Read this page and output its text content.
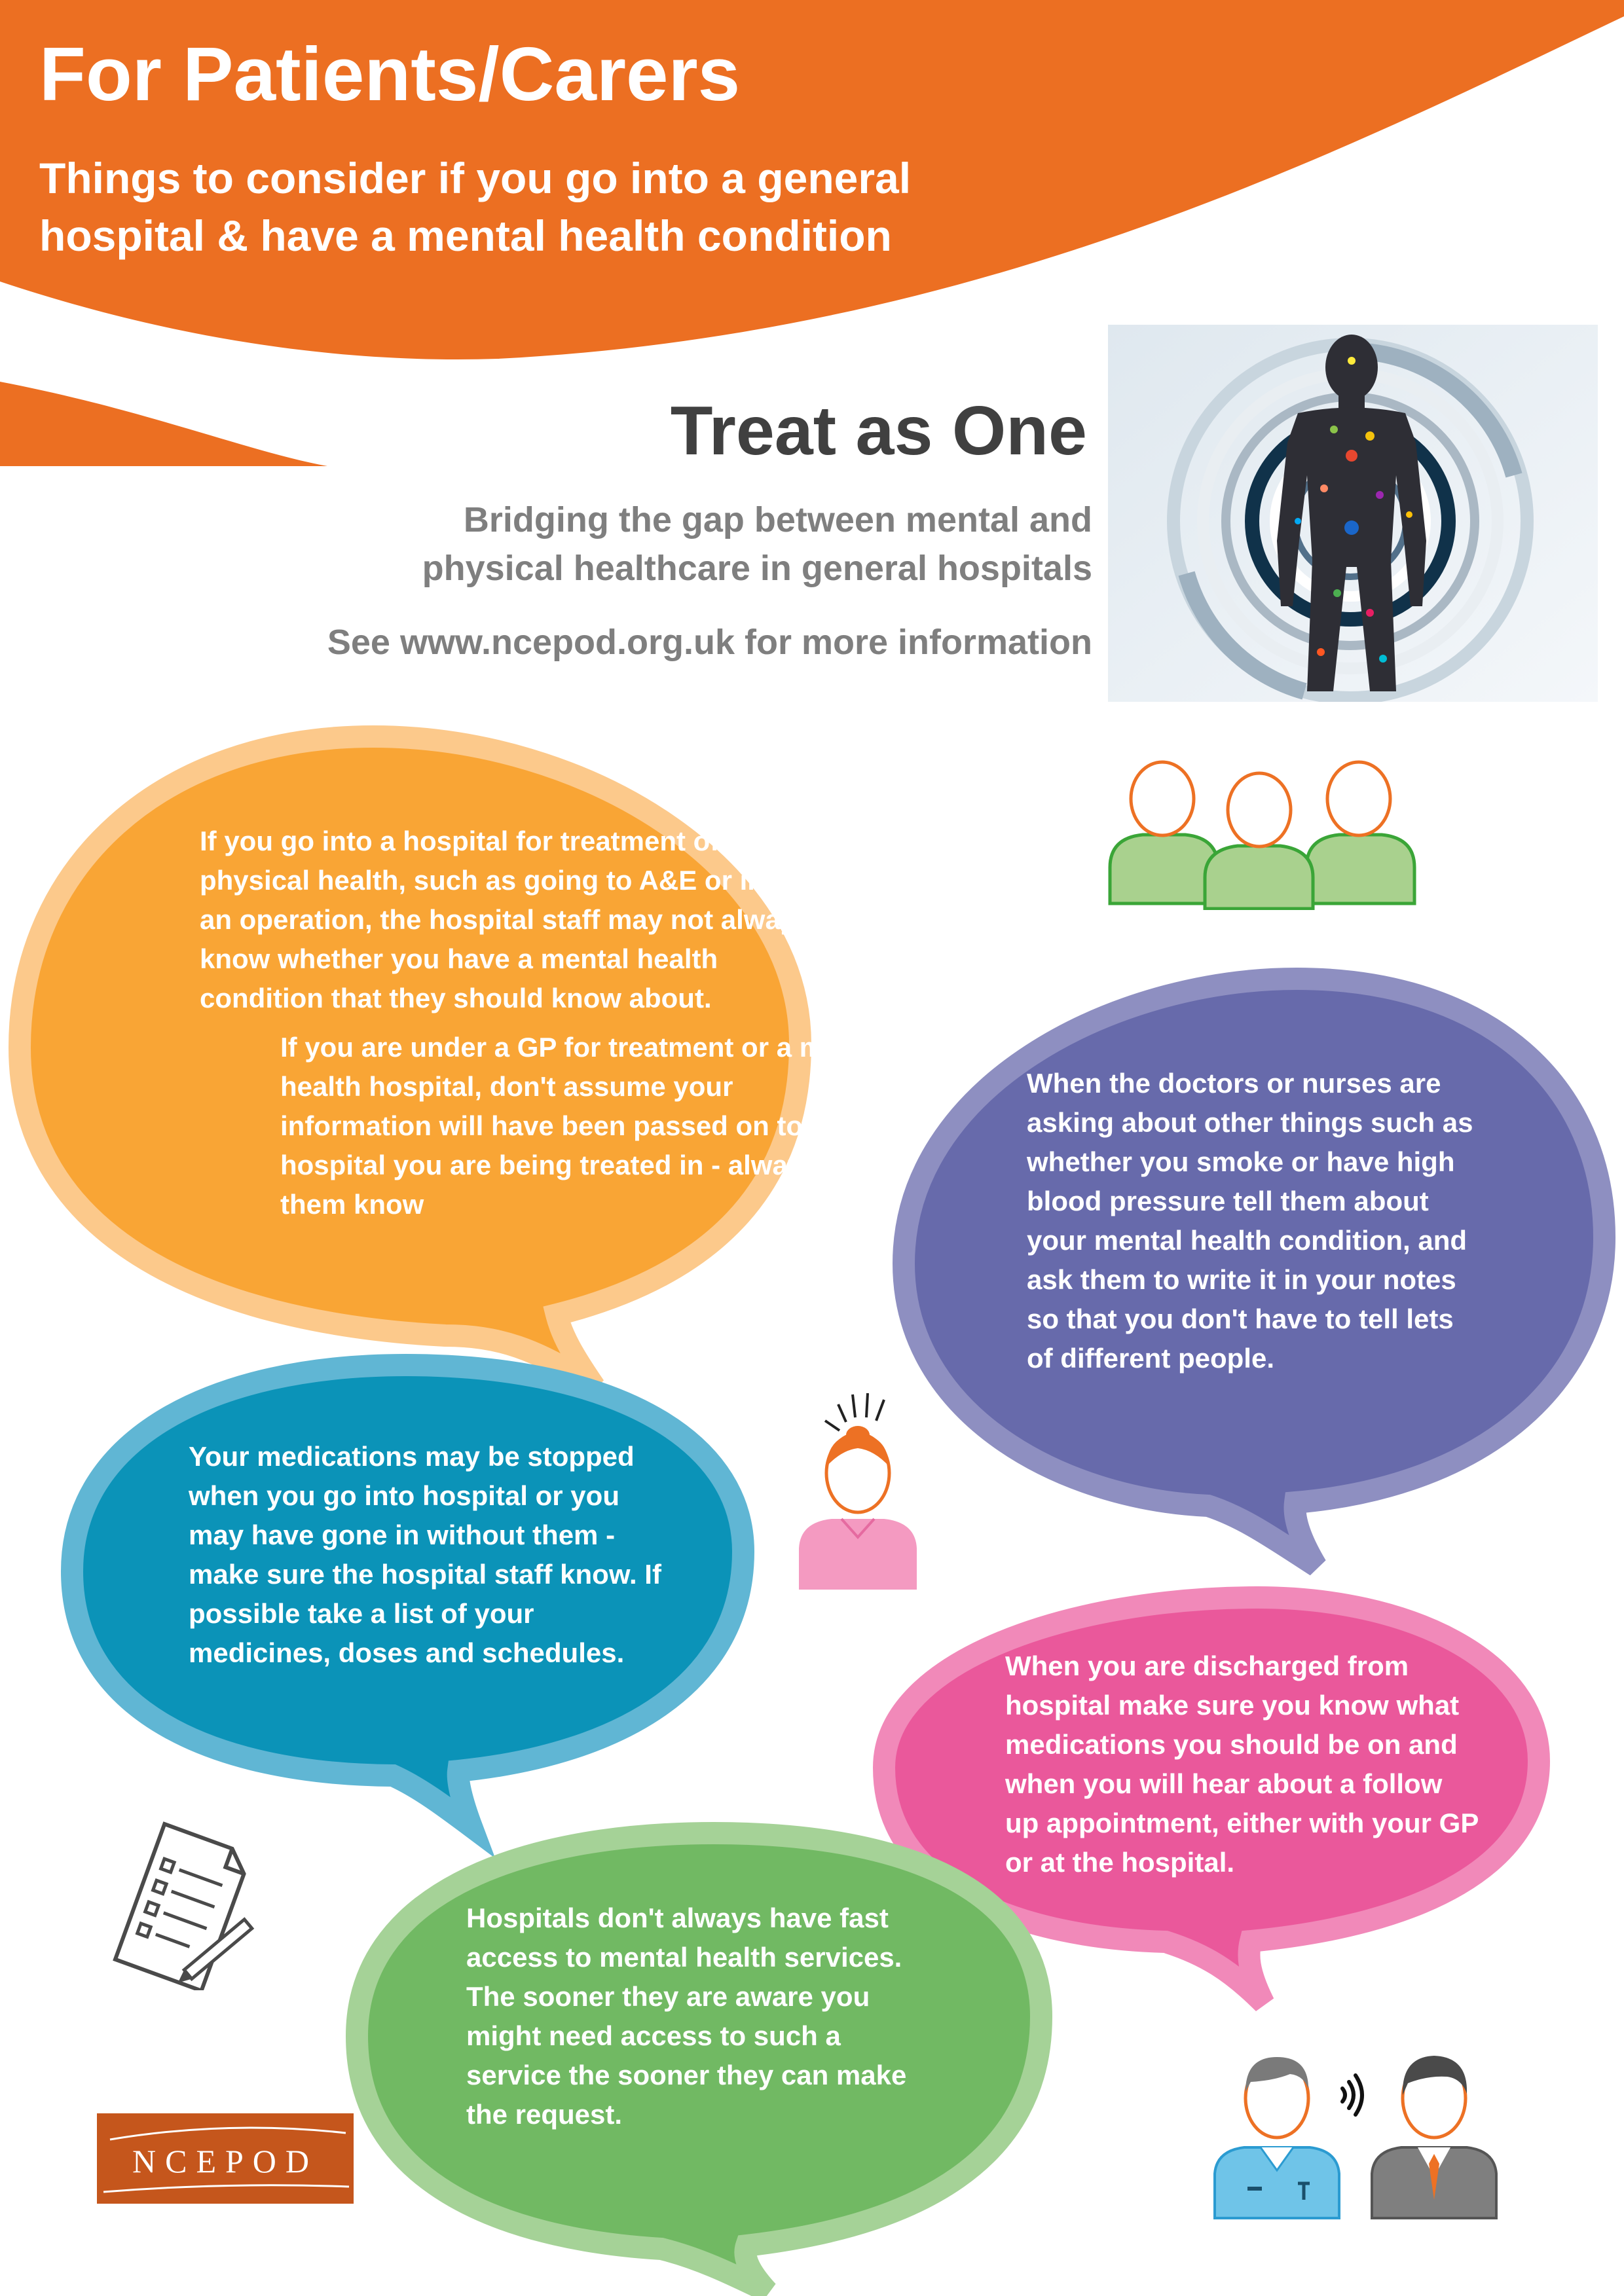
For Patients/Carers
Things to consider if you go into a general hospital & have a mental health condition
Treat as One
Bridging the gap between mental and physical healthcare in general hospitals
See www.ncepod.org.uk for more information
If you go into a hospital for treatment of your physical health, such as going to A&E or in for an operation, the hospital staff may not always know whether you have a mental health condition that they should know about.
If you are under a GP for treatment or a mental health hospital, don't assume your information will have been passed on to the hospital you are being treated in - always let them know
When the doctors or nurses are asking about other things such as whether you smoke or have high blood pressure tell them about your mental health condition, and ask them to write it in your notes so that you don't have to tell lets of different people.
Your medications may be stopped when you go into hospital or you may have gone in without them - make sure the hospital staff know. If possible take a list of your medicines, doses and schedules.	When you are discharged from hospital make sure you know what medications you should be on and when you will hear about a follow up appointment, either with your GP or at the hospital.
Hospitals don't always have fast access to mental health services. The sooner they are aware you might need access to such a service the sooner they can make the request.
NCEPOD
